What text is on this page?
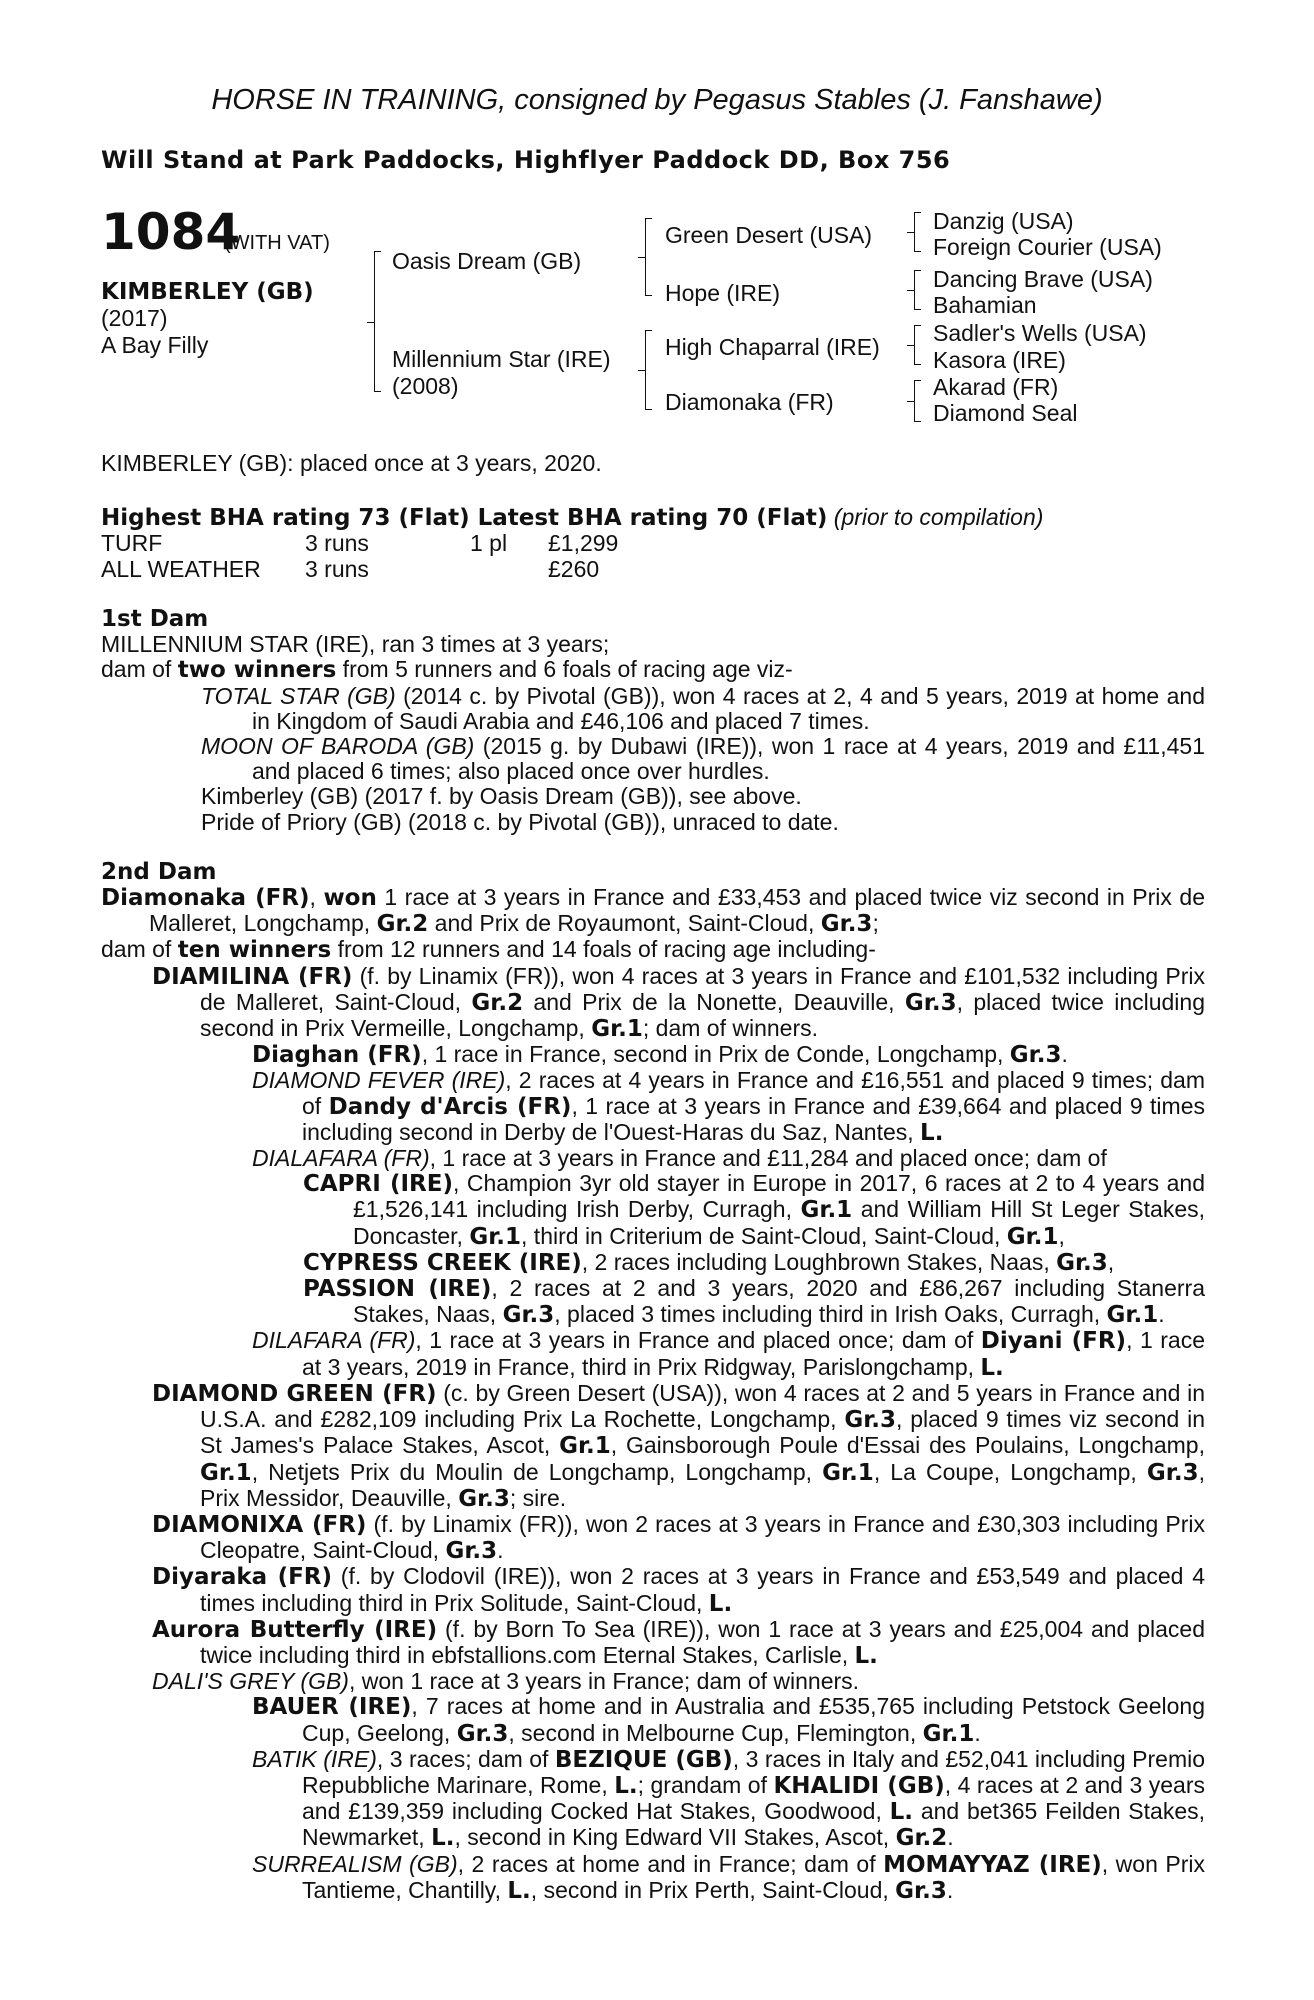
HORSE IN TRAINING, consigned by Pegasus Stables (J. Fanshawe)
Will Stand at Park Paddocks, Highflyer Paddock DD, Box 756
1084
(WITH VAT)
KIMBERLEY (GB)
(2017)
A Bay Filly
Oasis Dream (GB)
Millennium Star (IRE)
(2008)
Green Desert (USA)
Hope (IRE)
High Chaparral (IRE)
Diamonaka (FR)
Danzig (USA)
Foreign Courier (USA)
Dancing Brave (USA)
Bahamian
Sadler's Wells (USA)
Kasora (IRE)
Akarad (FR)
Diamond Seal
KIMBERLEY (GB): placed once at 3 years, 2020.
Highest BHA rating 73 (Flat) Latest BHA rating 70 (Flat) (prior to compilation)
TURF	3 runs	1 pl £1,299
ALL WEATHER 3 runs	£260

1st Dam

MILLENNIUM STAR (IRE), ran 3 times at 3 years;

dam of two winners from 5 runners and 6 foals of racing age viz-

TOTAL STAR (GB) (2014 c. by Pivotal (GB)), won 4 races at 2, 4 and 5 years, 2019 at home and in Kingdom of Saudi Arabia and £46,106 and placed 7 times.

MOON OF BARODA (GB) (2015 g. by Dubawi (IRE)), won 1 race at 4 years, 2019 and £11,451 and placed 6 times; also placed once over hurdles.

Kimberley (GB) (2017 f. by Oasis Dream (GB)), see above.

Pride of Priory (GB) (2018 c. by Pivotal (GB)), unraced to date.

2nd Dam

Diamonaka (FR), won 1 race at 3 years in France and £33,453 and placed twice viz second in Prix de Malleret, Longchamp, Gr.2 and Prix de Royaumont, Saint-Cloud, Gr.3;

dam of ten winners from 12 runners and 14 foals of racing age including-

DIAMILINA (FR) (f. by Linamix (FR)), won 4 races at 3 years in France and £101,532 including Prix de Malleret, Saint-Cloud, Gr.2 and Prix de la Nonette, Deauville, Gr.3, placed twice including second in Prix Vermeille, Longchamp, Gr.1; dam of winners.

Diaghan (FR), 1 race in France, second in Prix de Conde, Longchamp, Gr.3.

DIAMOND FEVER (IRE), 2 races at 4 years in France and £16,551 and placed 9 times; dam of Dandy d'Arcis (FR), 1 race at 3 years in France and £39,664 and placed 9 times including second in Derby de l'Ouest-Haras du Saz, Nantes, L.

DIALAFARA (FR), 1 race at 3 years in France and £11,284 and placed once; dam of

CAPRI (IRE), Champion 3yr old stayer in Europe in 2017, 6 races at 2 to 4 years and £1,526,141 including Irish Derby, Curragh, Gr.1 and William Hill St Leger Stakes, Doncaster, Gr.1, third in Criterium de Saint-Cloud, Saint-Cloud, Gr.1,

CYPRESS CREEK (IRE), 2 races including Loughbrown Stakes, Naas, Gr.3,

PASSION (IRE), 2 races at 2 and 3 years, 2020 and £86,267 including Stanerra Stakes, Naas, Gr.3, placed 3 times including third in Irish Oaks, Curragh, Gr.1.

DILAFARA (FR), 1 race at 3 years in France and placed once; dam of Diyani (FR), 1 race at 3 years, 2019 in France, third in Prix Ridgway, Parislongchamp, L.

DIAMOND GREEN (FR) (c. by Green Desert (USA)), won 4 races at 2 and 5 years in France and in U.S.A. and £282,109 including Prix La Rochette, Longchamp, Gr.3, placed 9 times viz second in St James's Palace Stakes, Ascot, Gr.1, Gainsborough Poule d'Essai des Poulains, Longchamp, Gr.1, Netjets Prix du Moulin de Longchamp, Longchamp, Gr.1, La Coupe, Longchamp, Gr.3, Prix Messidor, Deauville, Gr.3; sire.

DIAMONIXA (FR) (f. by Linamix (FR)), won 2 races at 3 years in France and £30,303 including Prix Cleopatre, Saint-Cloud, Gr.3.

Diyaraka (FR) (f. by Clodovil (IRE)), won 2 races at 3 years in France and £53,549 and placed 4 times including third in Prix Solitude, Saint-Cloud, L.

Aurora Butterfly (IRE) (f. by Born To Sea (IRE)), won 1 race at 3 years and £25,004 and placed twice including third in ebfstallions.com Eternal Stakes, Carlisle, L.

DALI'S GREY (GB), won 1 race at 3 years in France; dam of winners.

BAUER (IRE), 7 races at home and in Australia and £535,765 including Petstock Geelong Cup, Geelong, Gr.3, second in Melbourne Cup, Flemington, Gr.1.

BATIK (IRE), 3 races; dam of BEZIQUE (GB), 3 races in Italy and £52,041 including Premio Repubbliche Marinare, Rome, L.; grandam of KHALIDI (GB), 4 races at 2 and 3 years and £139,359 including Cocked Hat Stakes, Goodwood, L. and bet365 Feilden Stakes, Newmarket, L., second in King Edward VII Stakes, Ascot, Gr.2.

SURREALISM (GB), 2 races at home and in France; dam of MOMAYYAZ (IRE), won Prix Tantieme, Chantilly, L., second in Prix Perth, Saint-Cloud, Gr.3.
